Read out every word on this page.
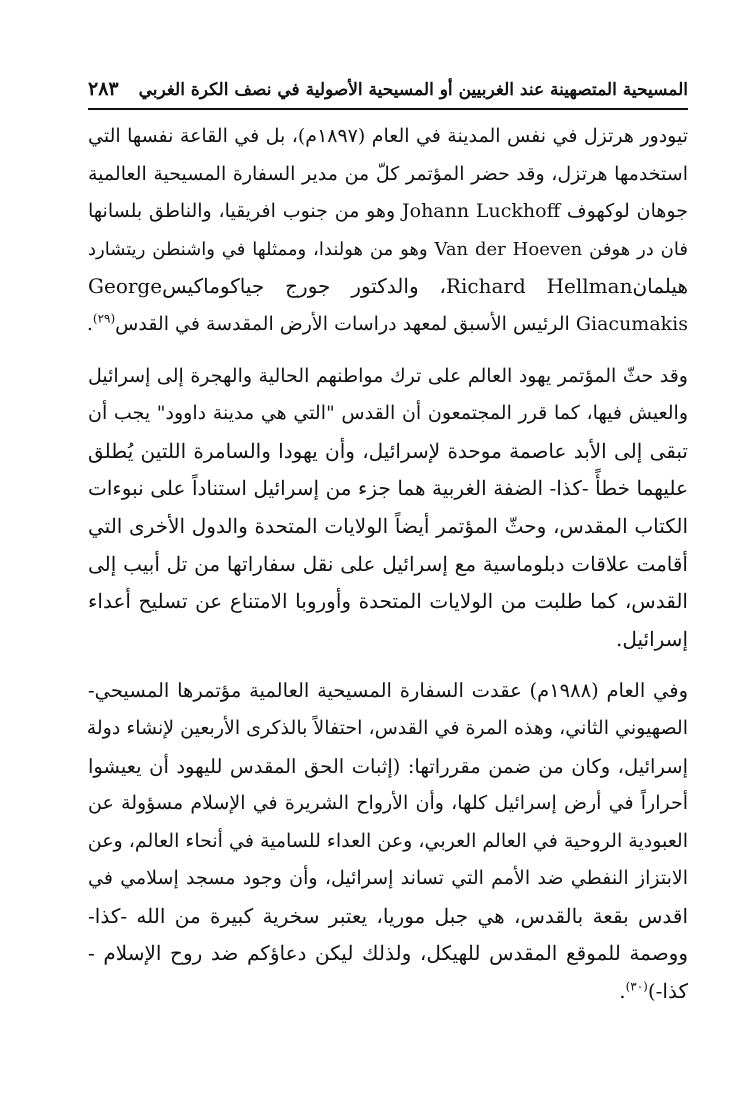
المسيحية المتصهينة عند الغربيين أو المسيحية الأصولية في نصف الكرة الغربي
٢٨٣

تيودور هرتزل في نفس المدينة في العام (١٨٩٧م)، بل في القاعة نفسها التي
استخدمها هرتزل، وقد حضر المؤتمر كلّ من مدير السفارة المسيحية العالمية
جوهان لوكهوف Johann Luckhoff وهو من جنوب افريقيا، والناطق بلسانها
فان در هوفن Van der Hoeven وهو من هولندا، وممثلها في واشنطن ريتشارد
هيلمانRichard Hellman، والدكتور جورج جياكوماكيسGeorge
Giacumakis الرئيس الأسبق لمعهد دراسات الأرض المقدسة في القدس$^{(٢٩)}$.

وقد حثّ المؤتمر يهود العالم على ترك مواطنهم الحالية والهجرة إلى إسرائيل
والعيش فيها، كما قرر المجتمعون أن القدس "التي هي مدينة داوود" يجب أن
تبقى إلى الأبد عاصمة موحدة لإسرائيل، وأن يهودا والسامرة اللتين يُطلق
عليهما خطأً -كذا- الضفة الغربية هما جزء من إسرائيل استناداً على نبوءات
الكتاب المقدس، وحثّ المؤتمر أيضاً الولايات المتحدة والدول الأخرى التي
أقامت علاقات دبلوماسية مع إسرائيل على نقل سفاراتها من تل أبيب إلى
القدس، كما طلبت من الولايات المتحدة وأوروبا الامتناع عن تسليح أعداء
إسرائيل.

وفي العام (١٩٨٨م) عقدت السفارة المسيحية العالمية مؤتمرها المسيحي-
الصهيوني الثاني، وهذه المرة في القدس، احتفالاً بالذكرى الأربعين لإنشاء دولة
إسرائيل، وكان من ضمن مقرراتها: (إثبات الحق المقدس لليهود أن يعيشوا
أحراراً في أرض إسرائيل كلها، وأن الأرواح الشريرة في الإسلام مسؤولة عن
العبودية الروحية في العالم العربي، وعن العداء للسامية في أنحاء العالم، وعن
الابتزاز النفطي ضد الأمم التي تساند إسرائيل، وأن وجود مسجد إسلامي في
اقدس بقعة بالقدس، هي جبل موريا، يعتبر سخرية كبيرة من الله -كذا-
ووصمة للموقع المقدس للهيكل، ولذلك ليكن دعاؤكم ضد روح الإسلام -
كذا-)$^{(٣٠)}$.
